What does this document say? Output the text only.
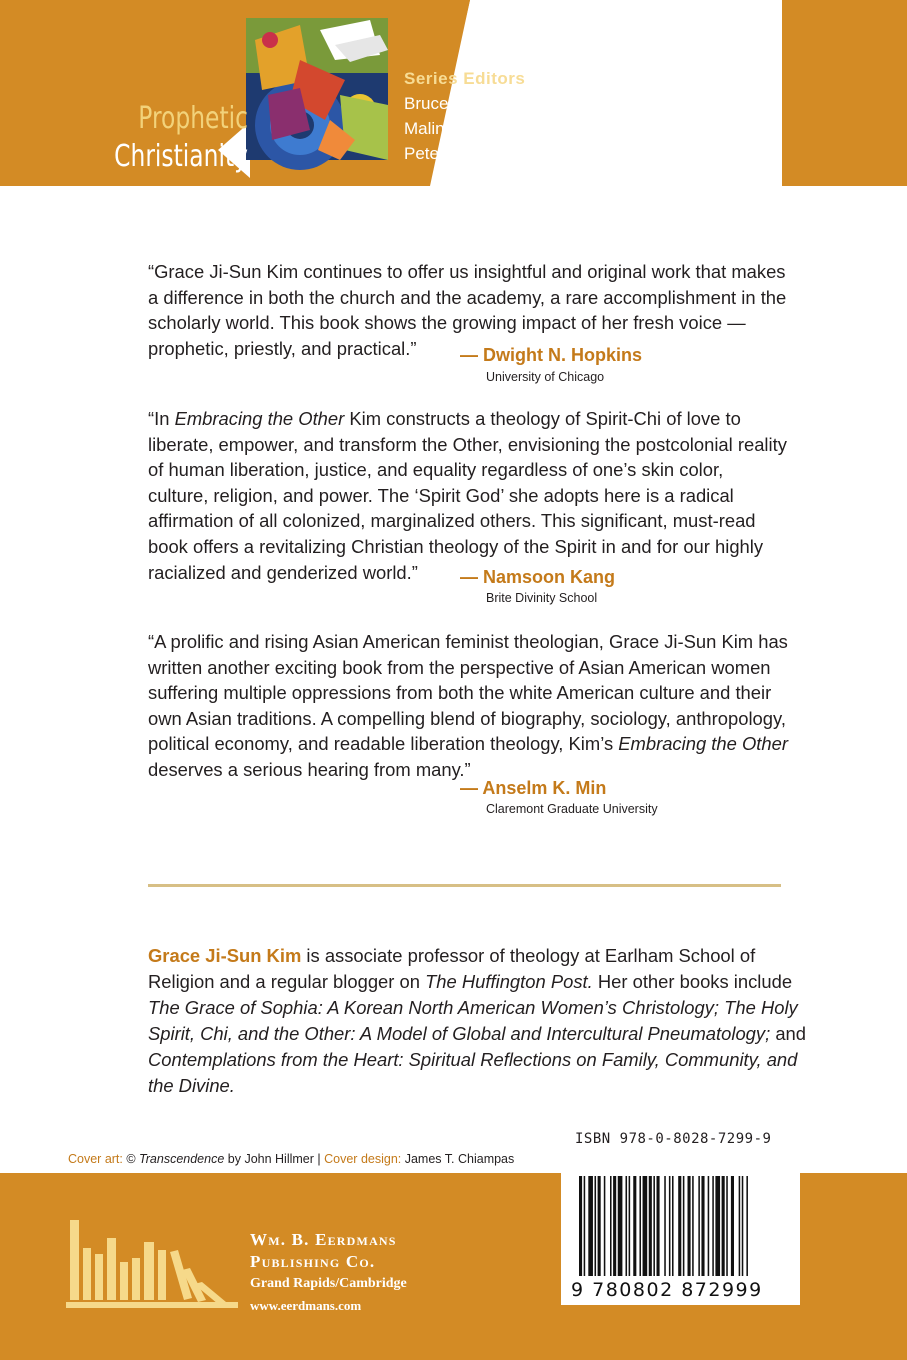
Prophetic
Christianity
Series Editors
Bruce Ellis Benson
Malinda Elizabeth Berry
Peter Goodwin Heltzel
“Grace Ji-Sun Kim continues to offer us insightful and original work that makes a difference in both the church and the academy, a rare accomplishment in the scholarly world. This book shows the growing impact of her fresh voice — prophetic, priestly, and practical.”	— Dwight N. Hopkins
University of Chicago
“In Embracing the Other Kim constructs a theology of Spirit-Chi of love to liberate, empower, and transform the Other, envisioning the postcolonial reality of human liberation, justice, and equality regardless of one’s skin color, culture, religion, and power. The ‘Spirit God’ she adopts here is a radical affirmation of all colonized, marginalized others. This significant, must-read book offers a revitalizing Christian theology of the Spirit in and for our highly racialized and genderized world.”	— Namsoon Kang
Brite Divinity School
“A prolific and rising Asian American feminist theologian, Grace Ji-Sun Kim has written another exciting book from the perspective of Asian American women suffering multiple oppressions from both the white American culture and their own Asian traditions. A compelling blend of biography, sociology, anthropology, political economy, and readable liberation theology, Kim’s Embracing the Other deserves a serious hearing from many.”
— Anselm K. Min
Claremont Graduate University
Grace Ji-Sun Kim is associate professor of theology at Earlham School of Religion and a regular blogger on The Huffington Post. Her other books include The Grace of Sophia: A Korean North American Women’s Christology; The Holy Spirit, Chi, and the Other: A Model of Global and Intercultural Pneumatology; and Contemplations from the Heart: Spiritual Reflections on Family, Community, and the Divine.
Cover art: © Transcendence by John Hillmer | Cover design: James T. Chiampas
ISBN 978-0-8028-7299-9
Wm. B. Eerdmans
Publishing Co.
Grand Rapids/Cambridge
www.eerdmans.com
9 780802 872999
